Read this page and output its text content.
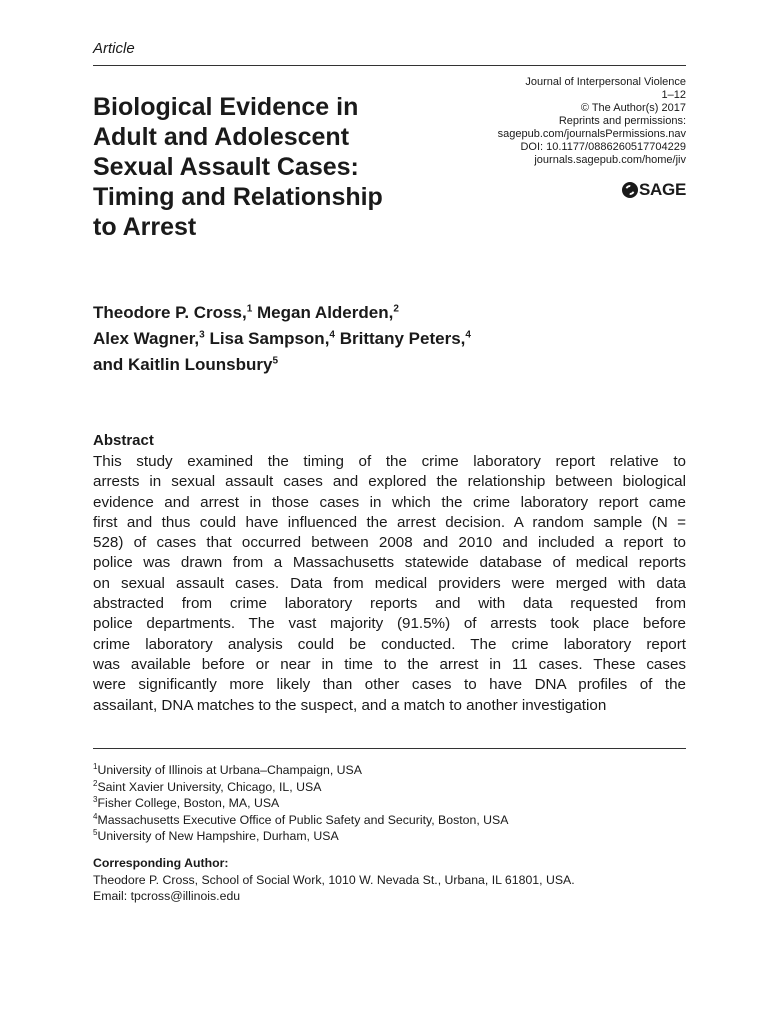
Article
Biological Evidence in
Adult and Adolescent
Sexual Assault Cases:
Timing and Relationship
to Arrest
Journal of Interpersonal Violence
1–12
© The Author(s) 2017
Reprints and permissions:
sagepub.com/journalsPermissions.nav
DOI: 10.1177/0886260517704229
journals.sagepub.com/home/jiv
SAGE
Theodore P. Cross,$^1$ Megan Alderden,$^2$
Alex Wagner,$^3$ Lisa Sampson,$^4$ Brittany Peters,$^4$
and Kaitlin Lounsbury$^5$
Abstract
This study examined the timing of the crime laboratory report relative to
arrests in sexual assault cases and explored the relationship between biological
evidence and arrest in those cases in which the crime laboratory report came
first and thus could have influenced the arrest decision. A random sample (N =
528) of cases that occurred between 2008 and 2010 and included a report to
police was drawn from a Massachusetts statewide database of medical reports
on sexual assault cases. Data from medical providers were merged with data
abstracted from crime laboratory reports and with data requested from
police departments. The vast majority (91.5%) of arrests took place before
crime laboratory analysis could be conducted. The crime laboratory report
was available before or near in time to the arrest in 11 cases. These cases
were significantly more likely than other cases to have DNA profiles of the
assailant, DNA matches to the suspect, and a match to another investigation
$^1$University of Illinois at Urbana–Champaign, USA
$^2$Saint Xavier University, Chicago, IL, USA
$^3$Fisher College, Boston, MA, USA
$^4$Massachusetts Executive Office of Public Safety and Security, Boston, USA
$^5$University of New Hampshire, Durham, USA
Corresponding Author:
Theodore P. Cross, School of Social Work, 1010 W. Nevada St., Urbana, IL 61801, USA.
Email: tpcross@illinois.edu
